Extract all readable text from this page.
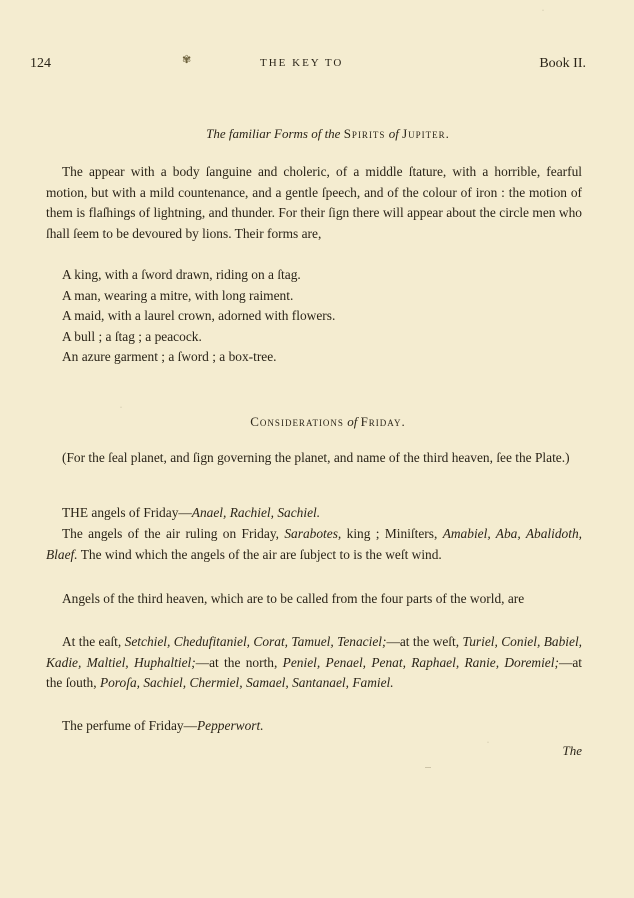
124	✾	THE KEY TO	Book II.
The familiar Forms of the Spirits of Jupiter.
The appear with a body ſanguine and choleric, of a middle ſtature, with a horrible, fearful motion, but with a mild countenance, and a gentle ſpeech, and of the colour of iron : the motion of them is flaſhings of lightning, and thunder. For their ſign there will appear about the circle men who ſhall ſeem to be devoured by lions. Their forms are,
A king, with a ſword drawn, riding on a ſtag.
A man, wearing a mitre, with long raiment.
A maid, with a laurel crown, adorned with flowers.
A bull ; a ſtag ; a peacock.
An azure garment ; a ſword ; a box-tree.
Considerations of Friday.
(For the ſeal planet, and ſign governing the planet, and name of the third heaven, ſee the Plate.)
THE angels of Friday—Anael, Rachiel, Sachiel.
The angels of the air ruling on Friday, Sarabotes, king ; Miniſters, Amabiel, Aba, Abalidoth, Blaef. The wind which the angels of the air are ſubject to is the weſt wind.
Angels of the third heaven, which are to be called from the four parts of the world, are
At the eaſt, Setchiel, Chedufitaniel, Corat, Tamuel, Tenaciel;—at the weſt, Turiel, Coniel, Babiel, Kadie, Maltiel, Huphaltiel;—at the north, Peniel, Penael, Penat, Raphael, Ranie, Doremiel;—at the ſouth, Poroſa, Sachiel, Chermiel, Samael, Santanael, Famiel.
The perfume of Friday—Pepperwort.
The
·
·
·
‐‐‐
